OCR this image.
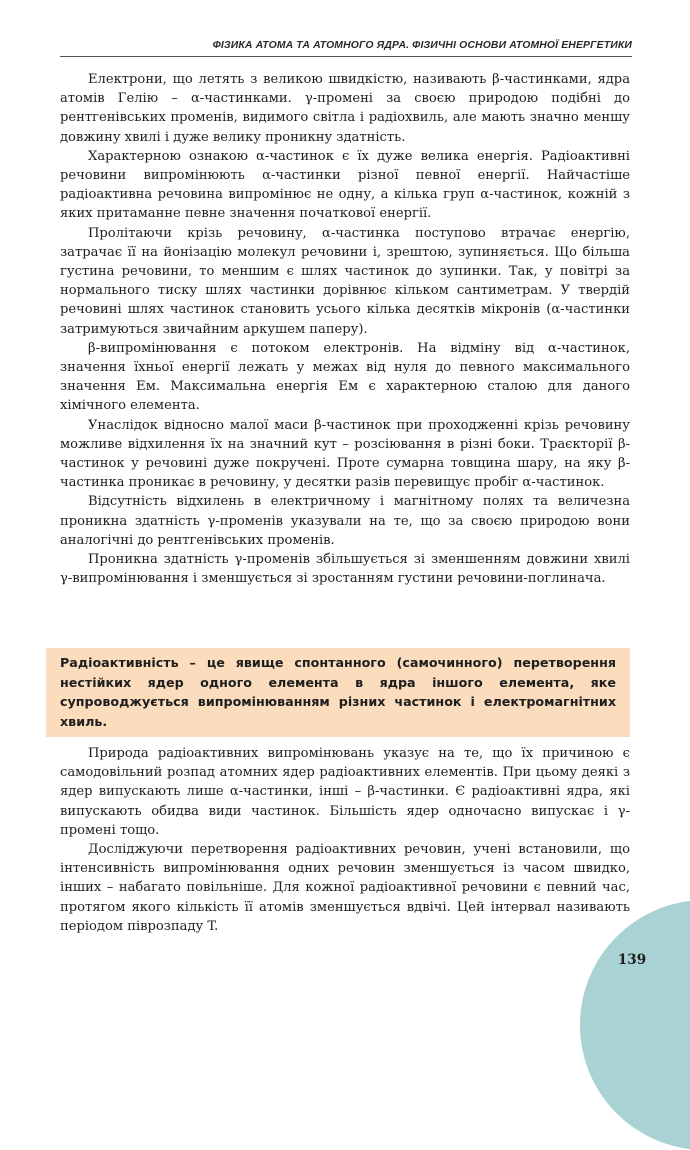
ФІЗИКА АТОМА ТА АТОМНОГО ЯДРА. ФІЗИЧНІ ОСНОВИ АТОМНОЇ ЕНЕРГЕТИКИ

Електрони, що летять з великою швидкістю, називають β-частинками, ядра атомів Гелію – α-частинками. γ-промені за своєю природою подібні до рентгенівських променів, видимого світла і радіохвиль, але мають значно меншу довжину хвилі і дуже велику проникну здатність.

Характерною ознакою α-частинок є їх дуже велика енергія. Радіоактивні речовини випромінюють α-частинки різної певної енергії. Найчастіше радіоактивна речовина випромінює не одну, а кілька груп α-частинок, кожній з яких притаманне певне значення початкової енергії.

Пролітаючи крізь речовину, α-частинка поступово втрачає енергію, затрачає її на йонізацію молекул речовини і, зрештою, зупиняється. Що більша густина речовини, то меншим є шлях частинок до зупинки. Так, у повітрі за нормального тиску шлях частинки дорівнює кільком сантиметрам. У твердій речовині шлях частинок становить усього кілька десятків мікронів (α-частинки затримуються звичайним аркушем паперу).

β-випромінювання є потоком електронів. На відміну від α-частинок, значення їхньої енергії лежать у межах від нуля до певного максимального значення Eм. Максимальна енергія Eм є характерною сталою для даного хімічного елемента.

Унаслідок відносно малої маси β-частинок при проходженні крізь речовину можливе відхилення їх на значний кут – розсіювання в різні боки. Траєкторії β-частинок у речовині дуже покручені. Проте сумарна товщина шару, на яку β-частинка проникає в речовину, у десятки разів перевищує пробіг α-частинок.

Відсутність відхилень в електричному і магнітному полях та величезна проникна здатність γ-променів указували на те, що за своєю природою вони аналогічні до рентгенівських променів.

Проникна здатність γ-променів збільшується зі зменшенням довжини хвилі γ-випромінювання і зменшується зі зростанням густини речовини-поглинача.

Радіоактивність – це явище спонтанного (самочинного) перетворення нестійких ядер одного елемента в ядра іншого елемента, яке супроводжується випромінюванням різних частинок і електромагнітних хвиль.

Природа радіоактивних випромінювань указує на те, що їх причиною є самодовільний розпад атомних ядер радіоактивних елементів. При цьому деякі з ядер випускають лише α-частинки, інші – β-частинки. Є радіоактивні ядра, які випускають обидва види частинок. Більшість ядер одночасно випускає і γ-промені тощо.

Досліджуючи перетворення радіоактивних речовин, учені встановили, що інтенсивність випромінювання одних речовин зменшується із часом швидко, інших – набагато повільніше. Для кожної радіоактивної речовини є певний час, протягом якого кількість її атомів зменшується вдвічі. Цей інтервал називають періодом піврозпаду T.

139
